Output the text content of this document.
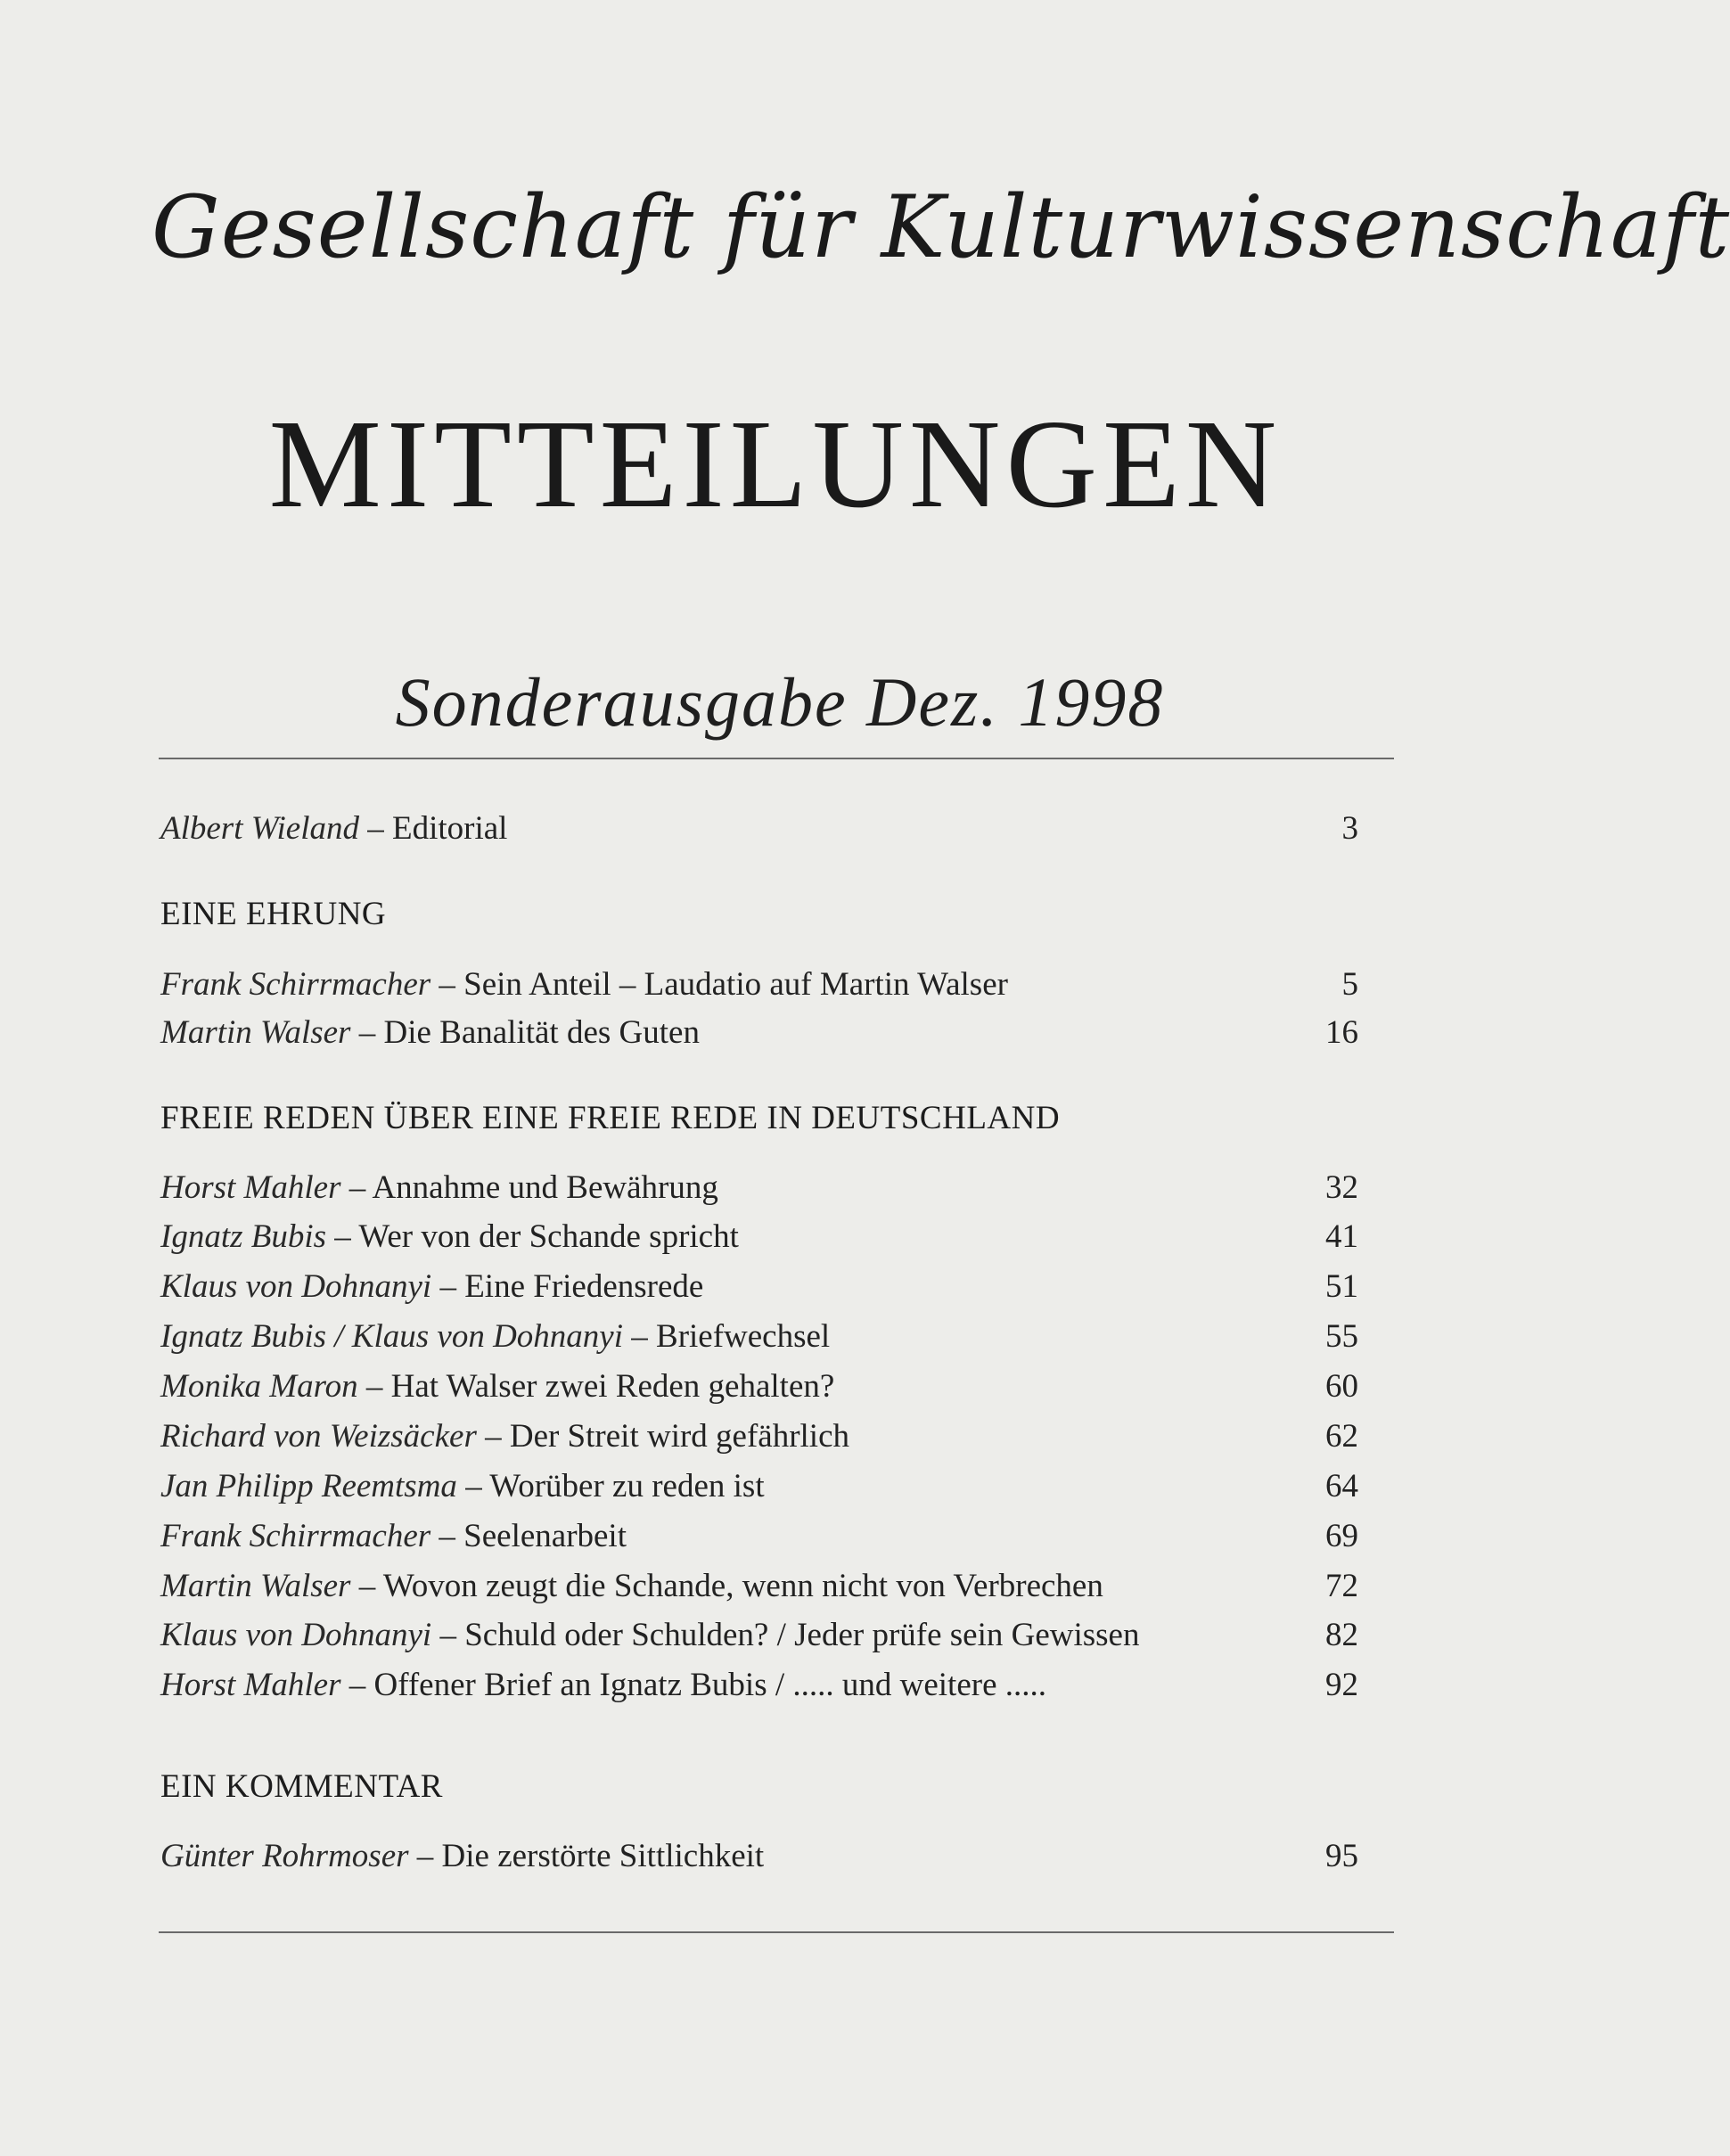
Gesellschaft für Kulturwissenschaft
MITTEILUNGEN
Sonderausgabe Dez. 1998
Albert Wieland – Editorial	3
EINE EHRUNG
Frank Schirrmacher – Sein Anteil – Laudatio auf Martin Walser	5
Martin Walser – Die Banalität des Guten	16
FREIE REDEN ÜBER EINE FREIE REDE IN DEUTSCHLAND
Horst Mahler – Annahme und Bewährung	32
Ignatz Bubis – Wer von der Schande spricht	41
Klaus von Dohnanyi – Eine Friedensrede	51
Ignatz Bubis / Klaus von Dohnanyi – Briefwechsel	55
Monika Maron – Hat Walser zwei Reden gehalten?	60
Richard von Weizsäcker – Der Streit wird gefährlich	62
Jan Philipp Reemtsma – Worüber zu reden ist	64
Frank Schirrmacher – Seelenarbeit	69
Martin Walser – Wovon zeugt die Schande, wenn nicht von Verbrechen	72
Klaus von Dohnanyi – Schuld oder Schulden? / Jeder prüfe sein Gewissen	82
Horst Mahler – Offener Brief an Ignatz Bubis / ..... und weitere .....	92
EIN KOMMENTAR
Günter Rohrmoser – Die zerstörte Sittlichkeit	95
